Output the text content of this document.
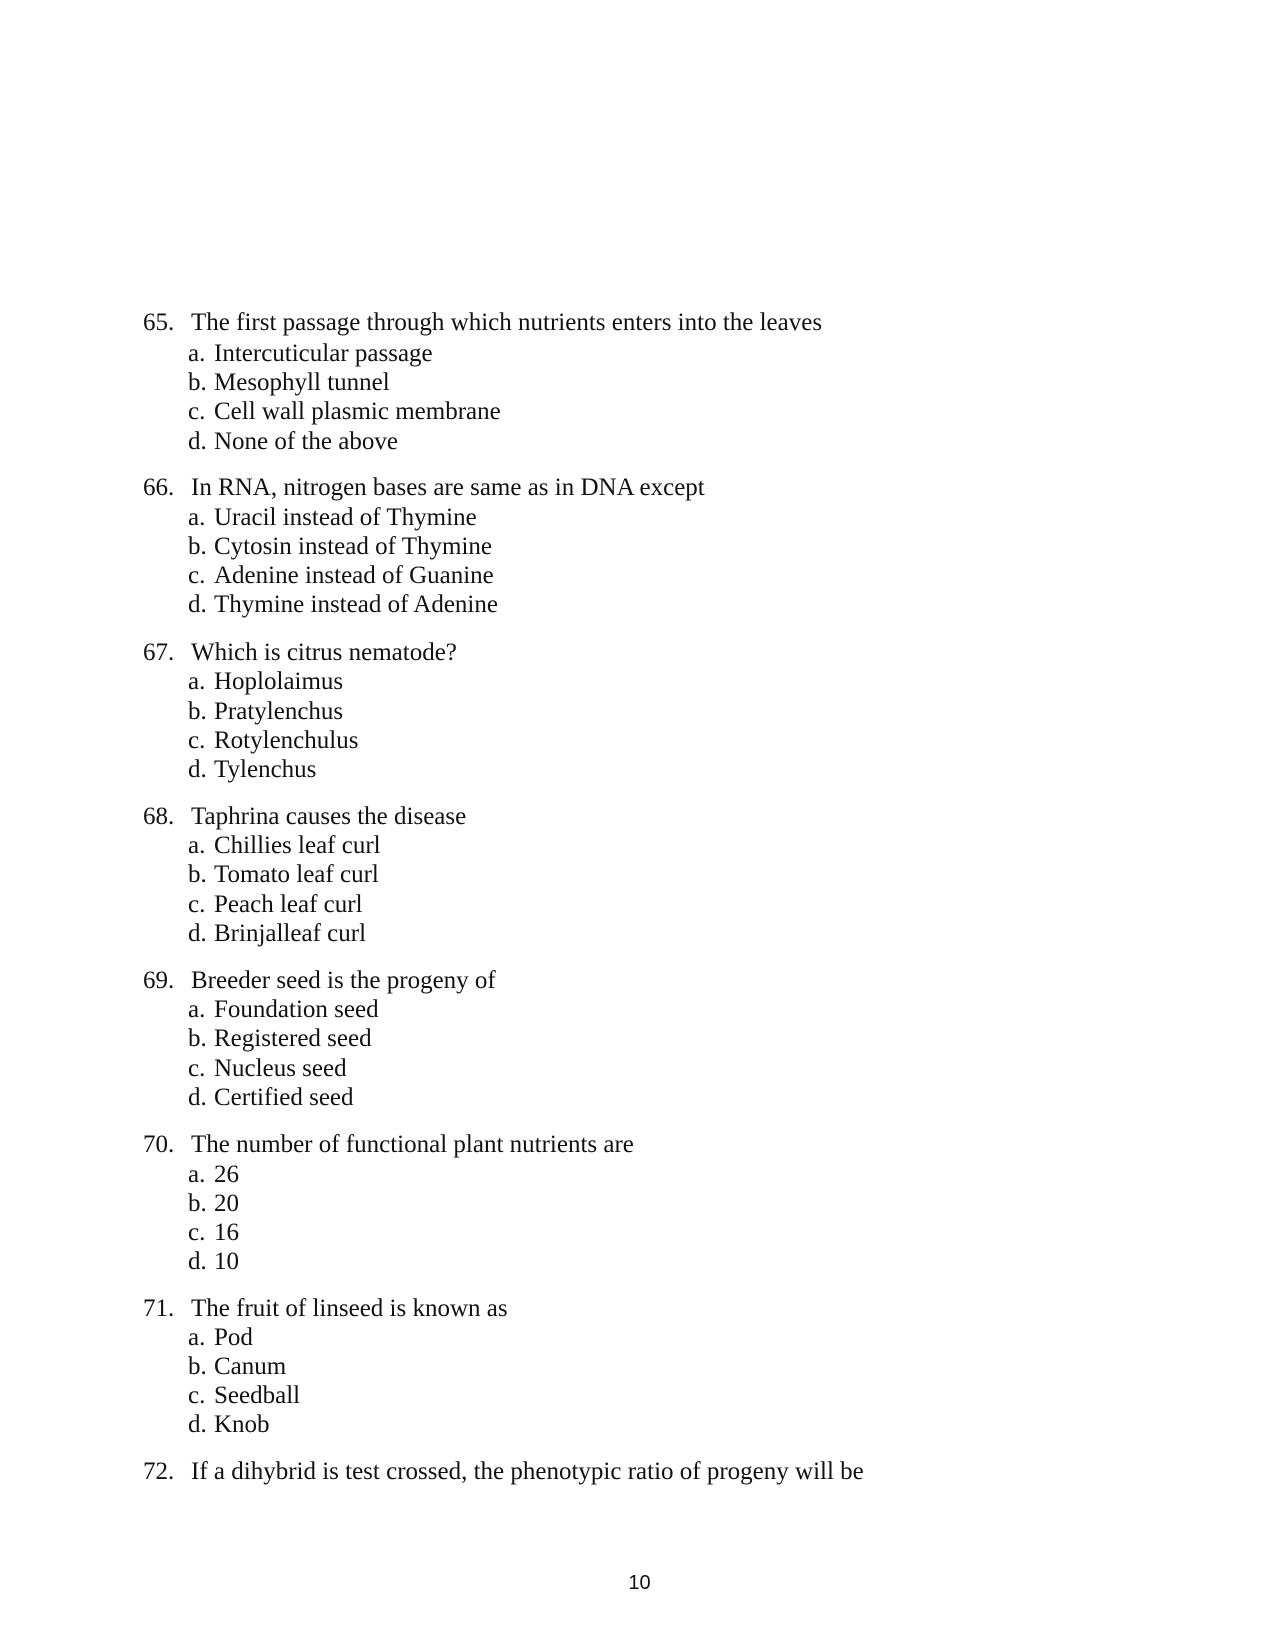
65. The first passage through which nutrients enters into the leaves
a. Intercuticular passage
b. Mesophyll tunnel
c. Cell wall plasmic membrane
d. None of the above
66. In RNA, nitrogen bases are same as in DNA except
a. Uracil instead of Thymine
b. Cytosin instead of Thymine
c. Adenine instead of Guanine
d. Thymine instead of Adenine
67. Which is citrus nematode?
a. Hoplolaimus
b. Pratylenchus
c. Rotylenchulus
d. Tylenchus
68. Taphrina causes the disease
a. Chillies leaf curl
b. Tomato leaf curl
c. Peach leaf curl
d. Brinjalleaf curl
69. Breeder seed is the progeny of
a. Foundation seed
b. Registered seed
c. Nucleus seed
d. Certified seed
70. The number of functional plant nutrients are
a. 26
b. 20
c. 16
d. 10
71. The fruit of linseed is known as
a. Pod
b. Canum
c. Seedball
d. Knob
72. If a dihybrid is test crossed, the phenotypic ratio of progeny will be
10
